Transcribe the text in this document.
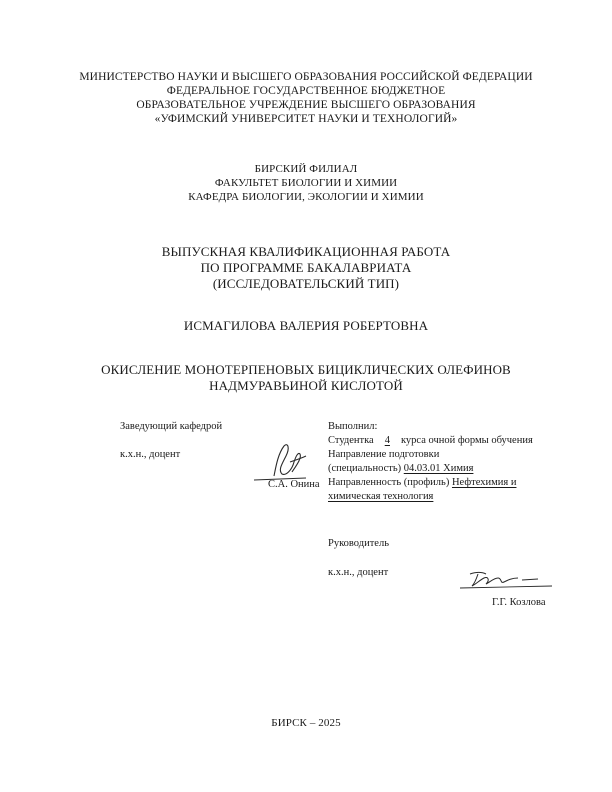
МИНИСТЕРСТВО НАУКИ И ВЫСШЕГО ОБРАЗОВАНИЯ РОССИЙСКОЙ ФЕДЕРАЦИИ
ФЕДЕРАЛЬНОЕ ГОСУДАРСТВЕННОЕ БЮДЖЕТНОЕ
ОБРАЗОВАТЕЛЬНОЕ УЧРЕЖДЕНИЕ ВЫСШЕГО ОБРАЗОВАНИЯ
«УФИМСКИЙ УНИВЕРСИТЕТ НАУКИ И ТЕХНОЛОГИЙ»
БИРСКИЙ ФИЛИАЛ
ФАКУЛЬТЕТ БИОЛОГИИ И ХИМИИ
КАФЕДРА БИОЛОГИИ, ЭКОЛОГИИ И ХИМИИ
ВЫПУСКНАЯ КВАЛИФИКАЦИОННАЯ РАБОТА
ПО ПРОГРАММЕ БАКАЛАВРИАТА
(ИССЛЕДОВАТЕЛЬСКИЙ ТИП)
ИСМАГИЛОВА ВАЛЕРИЯ РОБЕРТОВНА
ОКИСЛЕНИЕ МОНОТЕРПЕНОВЫХ БИЦИКЛИЧЕСКИХ ОЛЕФИНОВ
НАДМУРАВЬИНОЙ КИСЛОТОЙ
Заведующий кафедрой
к.х.н., доцент
С.А. Онина
Выполнил:
Студентка 4 курса очной формы обучения
Направление подготовки
(специальность) 04.03.01 Химия
Направленность (профиль) Нефтехимия и
химическая технология
Руководитель
к.х.н., доцент
Г.Г. Козлова
БИРСК – 2025
